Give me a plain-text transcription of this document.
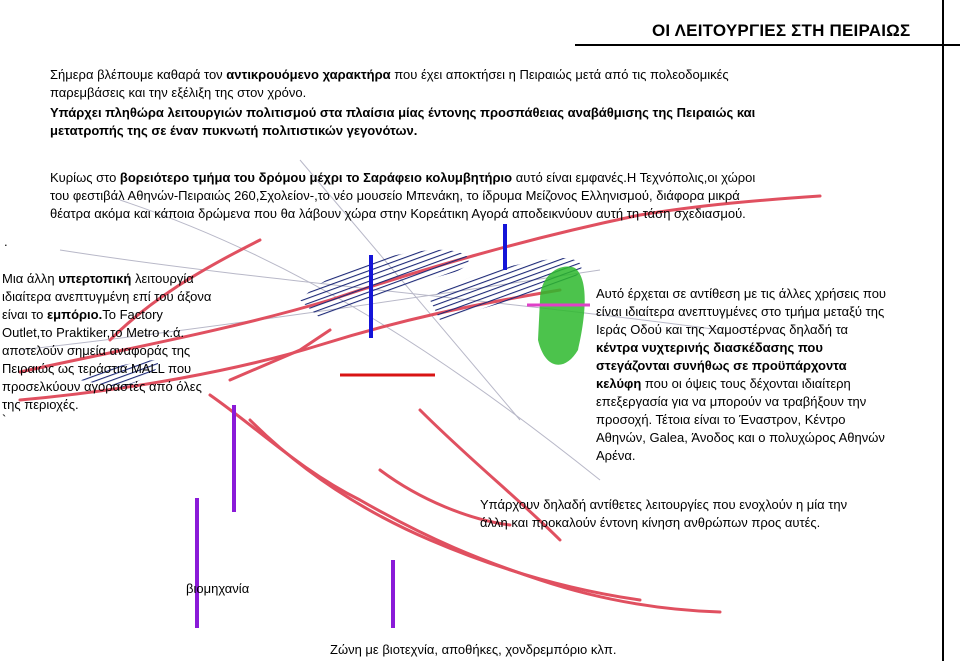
ΟΙ ΛΕΙΤΟΥΡΓΙΕΣ ΣΤΗ ΠΕΙΡΑΙΩΣ
Σήμερα βλέπουμε καθαρά τον αντικρουόμενο χαρακτήρα που έχει αποκτήσει η Πειραιώς μετά από τις πολεοδομικές
παρεμβάσεις και την εξέλιξη της στον χρόνο.
Υπάρχει πληθώρα λειτουργιών πολιτισμού στα πλαίσια μίας έντονης προσπάθειας αναβάθμισης της Πειραιώς και
μετατροπής της σε έναν πυκνωτή πολιτιστικών γεγονότων.
Κυρίως στο βορειότερο τμήμα του δρόμου μέχρι το Σαράφειο κολυμβητήριο αυτό είναι εμφανές.Η Τεχνόπολις,οι χώροι
του φεστιβάλ Αθηνών-Πειραιώς 260,Σχολείον-,το νέο μουσείο Μπενάκη, το ίδρυμα Μείζονος Ελληνισμού, διάφορα μικρά
θέατρα ακόμα και κάποια δρώμενα που θα λάβουν χώρα στην Κορεάτικη Αγορά αποδεικνύουν αυτή τη τάση σχεδιασμού.
.
Μια άλλη υπερτοπική λειτουργία
ιδιαίτερα ανεπτυγμένη επί του άξονα
είναι το εμπόριο.Το Factory
Outlet,το Praktiker,το Metro κ.ά.
αποτελούν σημεία αναφοράς της
Πειραιώς ως τεράστια MALL που
προσελκύουν αγοραστές από όλες
της περιοχές.
`
Αυτό έρχεται σε αντίθεση με τις άλλες χρήσεις που
είναι ιδιαίτερα ανεπτυγμένες στο τμήμα μεταξύ της
Ιεράς Οδού και της Χαμοστέρνας δηλαδή τα
κέντρα νυχτερινής διασκέδασης που
στεγάζονται συνήθως σε προϋπάρχοντα
κελύφη που οι όψεις τους δέχονται ιδιαίτερη
επεξεργασία για να μπορούν να τραβήξουν την
προσοχή. Τέτοια είναι το Έναστρον, Κέντρο
Αθηνών, Galea, Άνοδος και ο πολυχώρος Αθηνών
Αρένα.
Υπάρχουν δηλαδή αντίθετες λειτουργίες που ενοχλούν η μία την
άλλη και προκαλούν έντονη κίνηση ανθρώπων προς αυτές.
βιομηχανία
Ζώνη με βιοτεχνία, αποθήκες, χονδρεμπόριο κλπ.
